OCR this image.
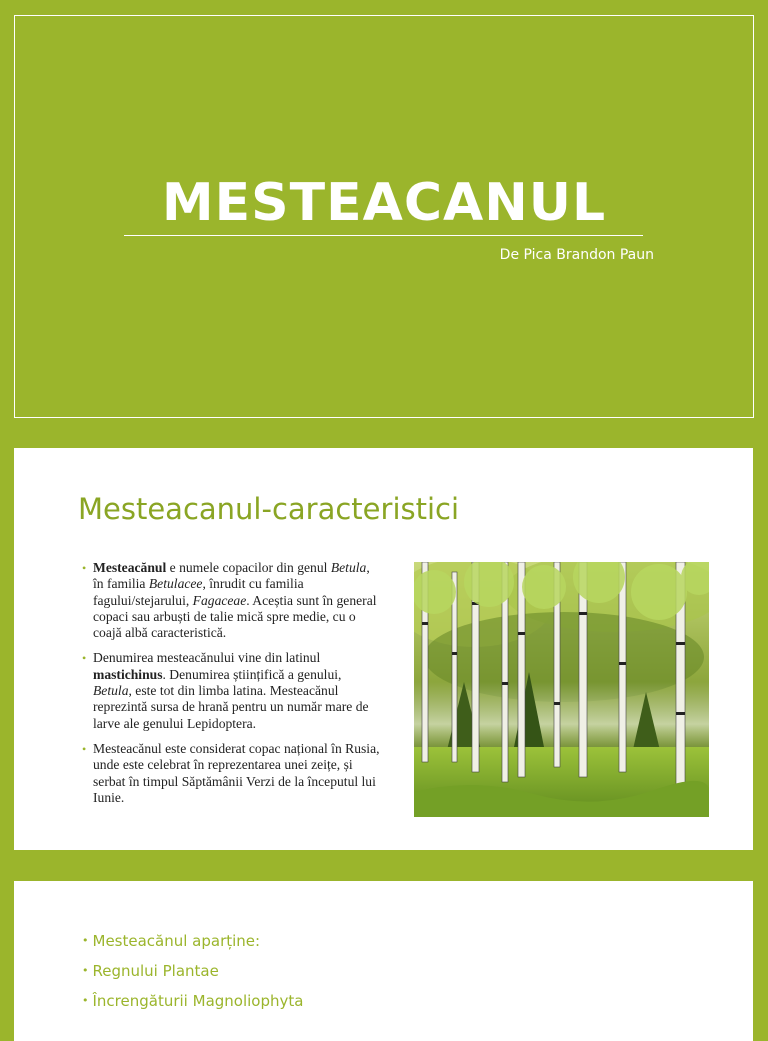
MESTEACANUL
De Pica Brandon Paun
Mesteacanul-caracteristici
• Mesteacănul e numele copacilor din genul Betula, în familia Betulacee, înrudit cu familia fagului/stejarului, Fagaceae. Aceștia sunt în general copaci sau arbuști de talie mică spre medie, cu o coajă albă caracteristică.
• Denumirea mesteacănului vine din latinul mastichinus. Denumirea științifică a genului, Betula, este tot din limba latina. Mesteacănul reprezintă sursa de hrană pentru un număr mare de larve ale genului Lepidoptera.
• Mesteacănul este considerat copac național în Rusia, unde este celebrat în reprezentarea unei zeițe, și serbat în timpul Săptămânii Verzi de la începutul lui Iunie.
• Mesteacănul aparține:
• Regnului Plantae
• Încrengăturii Magnoliophyta
